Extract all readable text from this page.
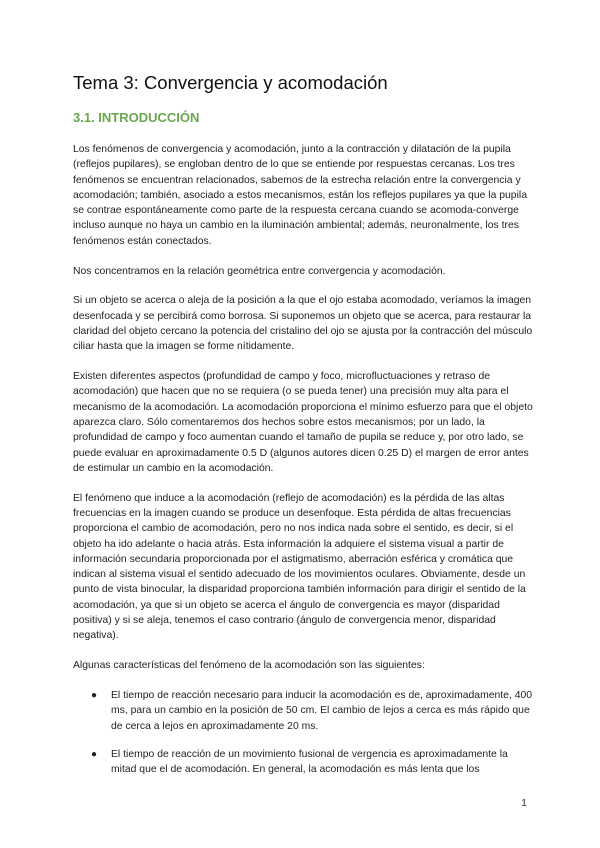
Tema 3: Convergencia y acomodación
3.1. INTRODUCCIÓN

Los fenómenos de convergencia y acomodación, junto a la contracción y dilatación de la pupila (reflejos pupilares), se engloban dentro de lo que se entiende por respuestas cercanas. Los tres fenómenos se encuentran relacionados, sabemos de la estrecha relación entre la convergencia y acomodación; también, asociado a estos mecanismos, están los reflejos pupilares ya que la pupila se contrae espontáneamente como parte de la respuesta cercana cuando se acomoda-converge incluso aunque no haya un cambio en la iluminación ambiental; además, neuronalmente, los tres fenómenos están conectados.

Nos concentramos en la relación geométrica entre convergencia y acomodación.

Si un objeto se acerca o aleja de la posición a la que el ojo estaba acomodado, veríamos la imagen desenfocada y se percibirá como borrosa. Si suponemos un objeto que se acerca, para restaurar la claridad del objeto cercano la potencia del cristalino del ojo se ajusta por la contracción del músculo ciliar hasta que la imagen se forme nítidamente.

Existen diferentes aspectos (profundidad de campo y foco, microfluctuaciones y retraso de acomodación) que hacen que no se requiera (o se pueda tener) una precisión muy alta para el mecanismo de la acomodación. La acomodación proporciona el mínimo esfuerzo para que el objeto aparezca claro. Sólo comentaremos dos hechos sobre estos mecanismos; por un lado, la profundidad de campo y foco aumentan cuando el tamaño de pupila se reduce y, por otro lado, se puede evaluar en aproximadamente 0.5 D (algunos autores dicen 0.25 D) el margen de error antes de estimular un cambio en la acomodación.

El fenómeno que induce a la acomodación (reflejo de acomodación) es la pérdida de las altas frecuencias en la imagen cuando se produce un desenfoque. Esta pérdida de altas frecuencias proporciona el cambio de acomodación, pero no nos indica nada sobre el sentido, es decir, si el objeto ha ido adelante o hacia atrás. Esta información la adquiere el sistema visual a partir de información secundaria proporcionada por el astigmatismo, aberración esférica y cromática que indican al sistema visual el sentido adecuado de los movimientos oculares. Obviamente, desde un punto de vista binocular, la disparidad proporciona también información para dirigir el sentido de la acomodación, ya que si un objeto se acerca el ángulo de convergencia es mayor (disparidad positiva) y si se aleja, tenemos el caso contrario (ángulo de convergencia menor, disparidad negativa).

Algunas características del fenómeno de la acomodación son las siguientes:

● El tiempo de reacción necesario para inducir la acomodación es de, aproximadamente, 400 ms, para un cambio en la posición de 50 cm. El cambio de lejos a cerca es más rápido que de cerca a lejos en aproximadamente 20 ms.
● El tiempo de reacción de un movimiento fusional de vergencia es aproximadamente la mitad que el de acomodación. En general, la acomodación es más lenta que los
1
